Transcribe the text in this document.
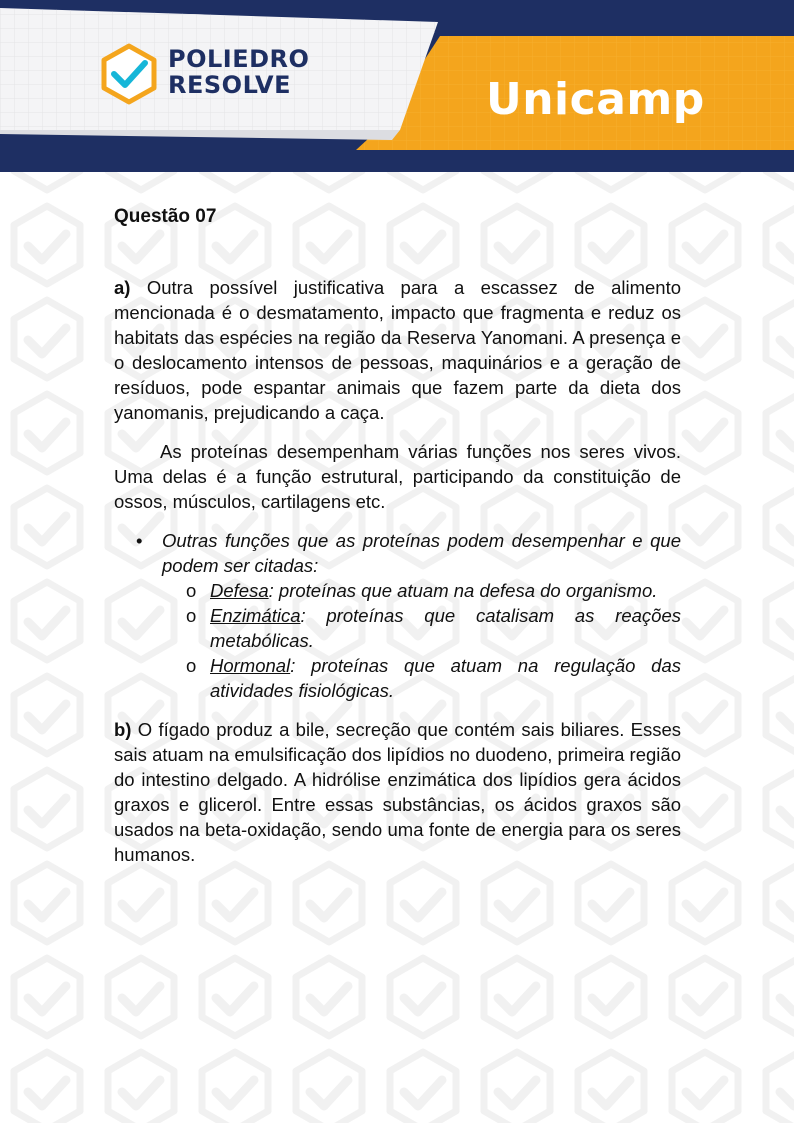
POLIEDRO
RESOLVE	Unicamp
Questão 07

a) Outra possível justificativa para a escassez de alimento mencionada é o desmatamento, impacto que fragmenta e reduz os habitats das espécies na região da Reserva Yanomani. A presença e o deslocamento intensos de pessoas, maquinários e a geração de resíduos, pode espantar animais que fazem parte da dieta dos yanomanis, prejudicando a caça.

As proteínas desempenham várias funções nos seres vivos. Uma delas é a função estrutural, participando da constituição de ossos, músculos, cartilagens etc.

• Outras funções que as proteínas podem desempenhar e que podem ser citadas:
o Defesa: proteínas que atuam na defesa do organismo.
o Enzimática: proteínas que catalisam as reações metabólicas.
o Hormonal: proteínas que atuam na regulação das atividades fisiológicas.

b) O fígado produz a bile, secreção que contém sais biliares. Esses sais atuam na emulsificação dos lipídios no duodeno, primeira região do intestino delgado. A hidrólise enzimática dos lipídios gera ácidos graxos e glicerol. Entre essas substâncias, os ácidos graxos são usados na beta-oxidação, sendo uma fonte de energia para os seres humanos.
